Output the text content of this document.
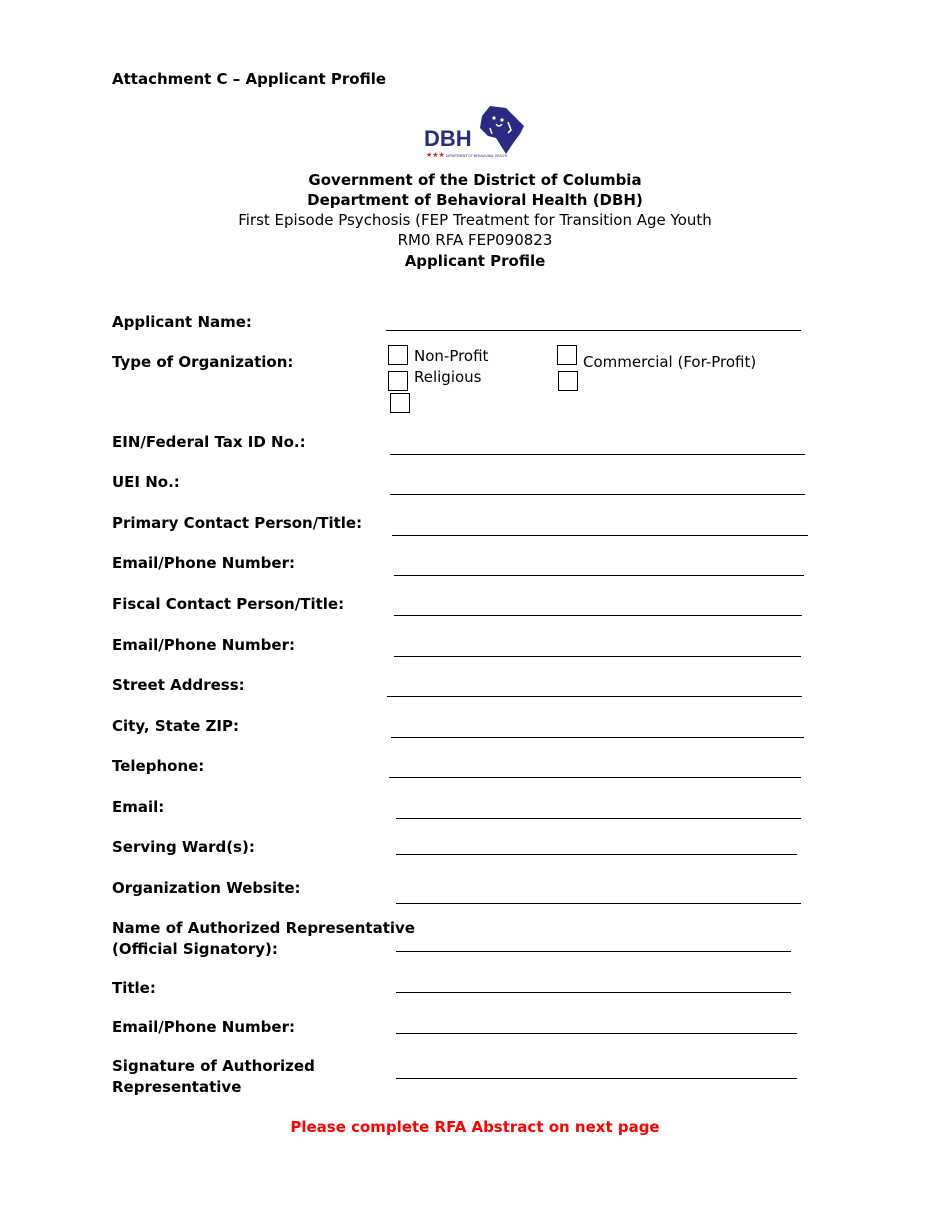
Attachment C – Applicant Profile
DBH
★★★ DEPARTMENT OF BEHAVIORAL HEALTH
Government of the District of Columbia
Department of Behavioral Health (DBH)
First Episode Psychosis (FEP Treatment for Transition Age Youth
RM0 RFA FEP090823
Applicant Profile
Applicant Name:
Type of Organization:	Non-Profit
Religious
Commercial (For-Profit)
EIN/Federal Tax ID No.:
UEI No.:
Primary Contact Person/Title:
Email/Phone Number:
Fiscal Contact Person/Title:
Email/Phone Number:
Street Address:
City, State ZIP:
Telephone:
Email:
Serving Ward(s):
Organization Website:
Name of Authorized Representative
(Official Signatory):
Title:
Email/Phone Number:
Signature of Authorized
Representative
Please complete RFA Abstract on next page
